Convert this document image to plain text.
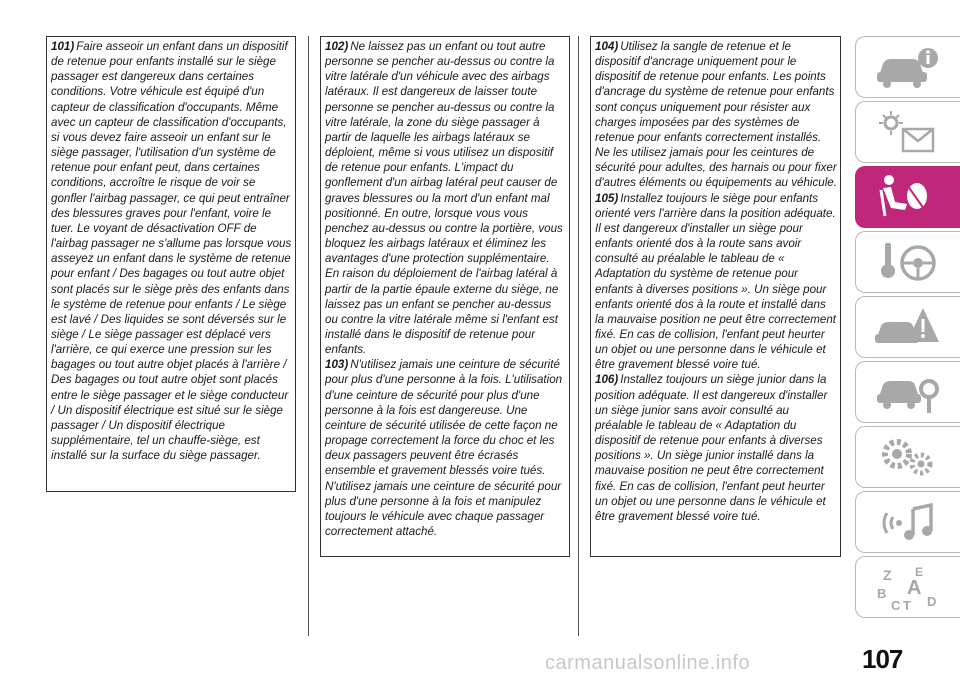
101) Faire asseoir un enfant dans un dispositif de retenue pour enfants installé sur le siège passager est dangereux dans certaines conditions. Votre véhicule est équipé d'un capteur de classification d'occupants. Même avec un capteur de classification d'occupants, si vous devez faire asseoir un enfant sur le siège passager, l'utilisation d'un système de retenue pour enfant peut, dans certaines conditions, accroître le risque de voir se gonfler l'airbag passager, ce qui peut entraîner des blessures graves pour l'enfant, voire le tuer. Le voyant de désactivation OFF de l'airbag passager ne s'allume pas lorsque vous asseyez un enfant dans le système de retenue pour enfant / Des bagages ou tout autre objet sont placés sur le siège près des enfants dans le système de retenue pour enfants / Le siège est lavé / Des liquides se sont déversés sur le siège / Le siège passager est déplacé vers l'arrière, ce qui exerce une pression sur les bagages ou tout autre objet placés à l'arrière / Des bagages ou tout autre objet sont placés entre le siège passager et le siège conducteur / Un dispositif électrique est situé sur le siège passager / Un dispositif électrique supplémentaire, tel un chauffe-siège, est installé sur la surface du siège passager.

102) Ne laissez pas un enfant ou tout autre personne se pencher au-dessus ou contre la vitre latérale d'un véhicule avec des airbags latéraux. Il est dangereux de laisser toute personne se pencher au-dessus ou contre la vitre latérale, la zone du siège passager à partir de laquelle les airbags latéraux se déploient, même si vous utilisez un dispositif de retenue pour enfants. L'impact du gonflement d'un airbag latéral peut causer de graves blessures ou la mort d'un enfant mal positionné. En outre, lorsque vous vous penchez au-dessus ou contre la portière, vous bloquez les airbags latéraux et éliminez les avantages d'une protection supplémentaire. En raison du déploiement de l'airbag latéral à partir de la partie épaule externe du siège, ne laissez pas un enfant se pencher au-dessus ou contre la vitre latérale même si l'enfant est installé dans le dispositif de retenue pour enfants.

103) N'utilisez jamais une ceinture de sécurité pour plus d'une personne à la fois. L'utilisation d'une ceinture de sécurité pour plus d'une personne à la fois est dangereuse. Une ceinture de sécurité utilisée de cette façon ne propage correctement la force du choc et les deux passagers peuvent être écrasés ensemble et gravement blessés voire tués. N'utilisez jamais une ceinture de sécurité pour plus d'une personne à la fois et manipulez toujours le véhicule avec chaque passager correctement attaché.

104) Utilisez la sangle de retenue et le dispositif d'ancrage uniquement pour le dispositif de retenue pour enfants. Les points d'ancrage du système de retenue pour enfants sont conçus uniquement pour résister aux charges imposées par des systèmes de retenue pour enfants correctement installés. Ne les utilisez jamais pour les ceintures de sécurité pour adultes, des harnais ou pour fixer d'autres éléments ou équipements au véhicule.

105) Installez toujours le siège pour enfants orienté vers l'arrière dans la position adéquate. Il est dangereux d'installer un siège pour enfants orienté dos à la route sans avoir consulté au préalable le tableau de « Adaptation du système de retenue pour enfants à diverses positions ». Un siège pour enfants orienté dos à la route et installé dans la mauvaise position ne peut être correctement fixé. En cas de collision, l'enfant peut heurter un objet ou une personne dans le véhicule et être gravement blessé voire tué.

106) Installez toujours un siège junior dans la position adéquate. Il est dangereux d'installer un siège junior sans avoir consulté au préalable le tableau de « Adaptation du dispositif de retenue pour enfants à diverses positions ». Un siège junior installé dans la mauvaise position ne peut être correctement fixé. En cas de collision, l'enfant peut heurter un objet ou une personne dans le véhicule et être gravement blessé voire tué.

Z E
B A
C T D
carmanualsonline.info	107
